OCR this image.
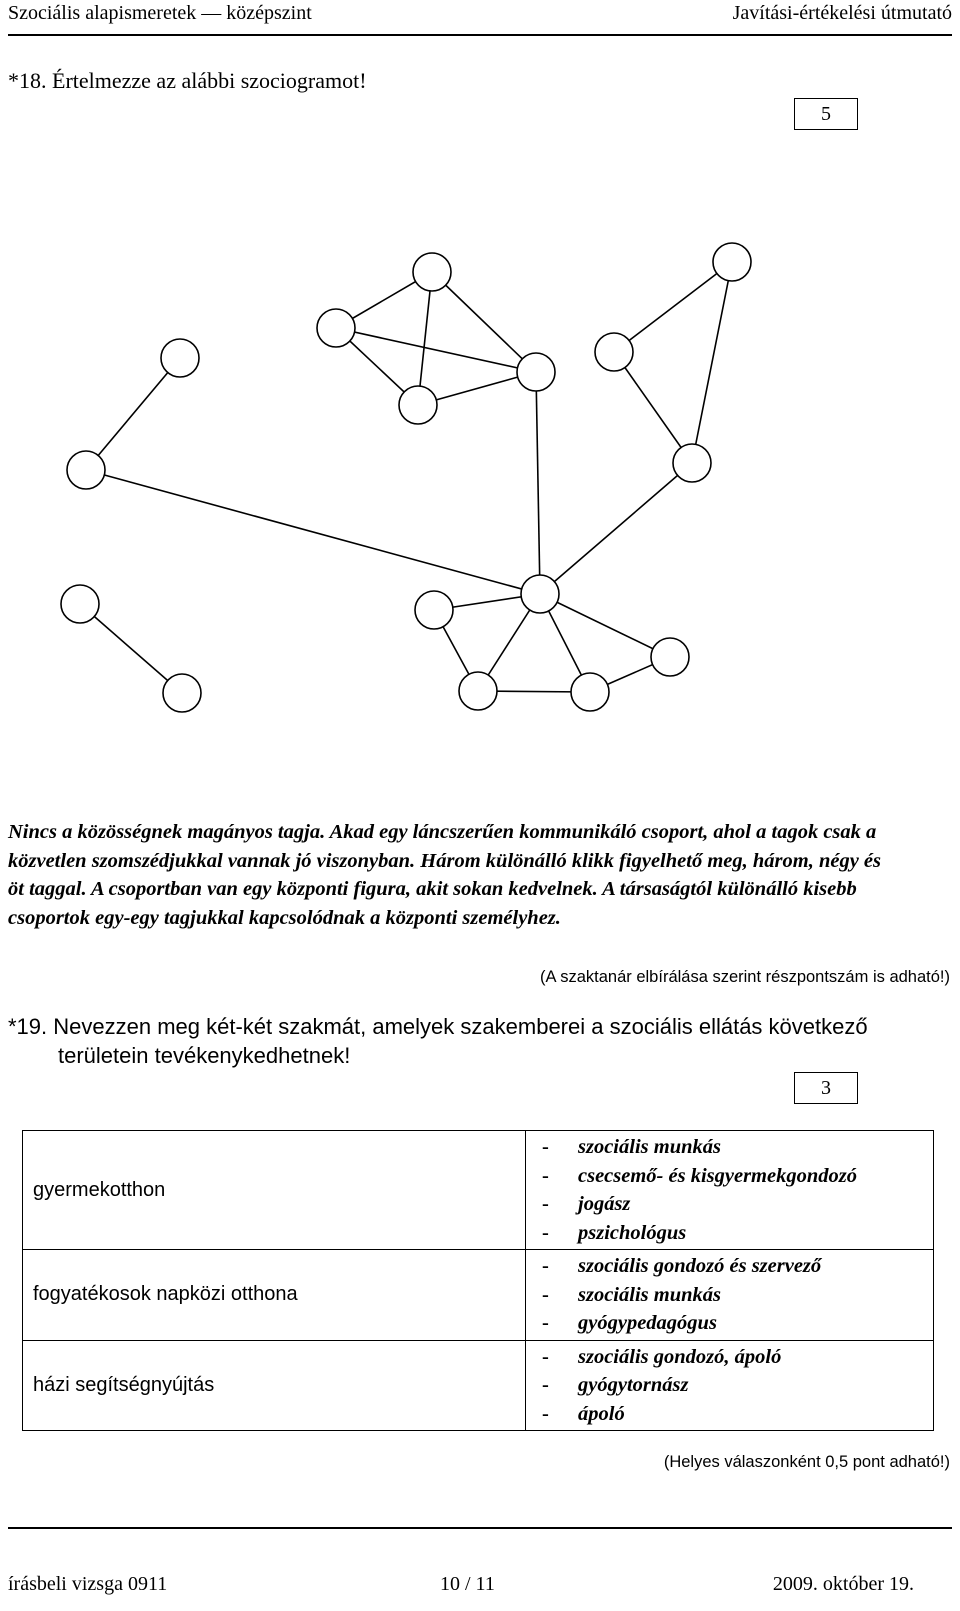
Szociális alapismeretek — középszint	Javítási-értékelési útmutató
*18. Értelmezze az alábbi szociogramot!
5
Nincs a közösségnek magányos tagja. Akad egy láncszerűen kommunikáló csoport, ahol a tagok csak a közvetlen szomszédjukkal vannak jó viszonyban. Három különálló klikk figyelhető meg, három, négy és öt taggal. A csoportban van egy központi figura, akit sokan kedvelnek. A társaságtól különálló kisebb csoportok egy-egy tagjukkal kapcsolódnak a központi személyhez.
(A szaktanár elbírálása szerint részpontszám is adható!)
*19. Nevezzen meg két-két szakmát, amelyek szakemberei a szociális ellátás következő
területein tevékenykedhetnek!
3
gyermekotthon	- szociális munkás
- csecsemő- és kisgyermekgondozó
- jogász
- pszichológus

fogyatékosok napközi otthona	- szociális gondozó és szervező
- szociális munkás
- gyógypedagógus

házi segítségnyújtás	- szociális gondozó, ápoló
- gyógytornász
- ápoló
(Helyes válaszonként 0,5 pont adható!)
írásbeli vizsga 0911	10 / 11	2009. október 19.
